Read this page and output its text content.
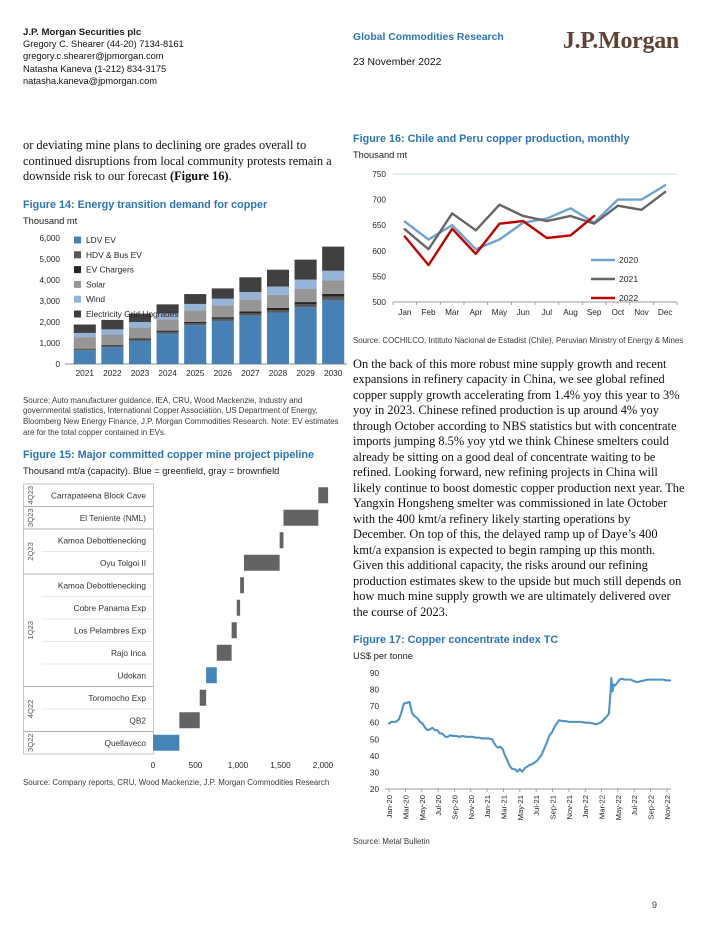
J.P. Morgan Securities plc
Gregory C. Shearer (44-20) 7134-8161
gregory.c.shearer@jpmorgan.com
Natasha Kaneva (1-212) 834-3175
natasha.kaneva@jpmorgan.com
Global Commodities Research
23 November 2022
J.P.Morgan

or deviating mine plans to declining ore grades overall to continued disruptions from local community protests remain a downside risk to our forecast (Figure 16).

Figure 14: Energy transition demand for copper
Thousand mt
0
1,000
2,000
3,000
4,000
5,000
6,000
2021 2022 2023 2024 2025 2026 2027 2028 2029 2030
LDV EV
HDV & Bus EV
EV Chargers
Solar
Wind
Electricity Grid Upgrades
Source: Auto manufacturer guidance, IEA, CRU, Wood Mackenzie, Industry and governmental statistics, International Copper Association, US Department of Energy, Bloomberg New Energy Finance, J.P. Morgan Commodities Research. Note: EV estimates are for the total copper contained in EVs.
Figure 15: Major committed copper mine project pipeline
Thousand mt/a (capacity). Blue = greenfield, gray = brownfield
4Q23 Carrapateena Block Cave
3Q23	El Teniente (NML)
2Q23
Kamoa Debottlenecking
Oyu Tolgoi II
1Q23
Kamoa Debottlenecking
Cobre Panama Exp
Los Pelambres Exp
Rajo Inca
Udokan
4Q22
Toromocho Exp
QB2
3Q22	Quellaveco
0	500	1,000	1,500	2,000
Source: Company reports, CRU, Wood Mackenzie, J.P. Morgan Commodities Research
Figure 16: Chile and Peru copper production, monthly
Thousand mt
500
550
600
650
700
750
Jan Feb Mar Apr May Jun Jul Aug Sep Oct Nov Dec
2020
2021
2022
Source: COCHILCO, Intituto Nacional de Estadist (Chile), Peruvian Ministry of Energy & Mines

On the back of this more robust mine supply growth and recent expansions in refinery capacity in China, we see global refined copper supply growth accelerating from 1.4% yoy this year to 3% yoy in 2023. Chinese refined production is up around 4% yoy through October according to NBS statistics but with concentrate imports jumping 8.5% yoy ytd we think Chinese smelters could already be sitting on a good deal of concentrate waiting to be refined. Looking forward, new refining projects in China will likely continue to boost domestic copper production next year. The Yangxin Hongsheng smelter was commissioned in late October with the 400 kmt/a refinery likely starting operations by December. On top of this, the delayed ramp up of Daye’s 400 kmt/a expansion is expected to begin ramping up this month. Given this additional capacity, the risks around our refining production estimates skew to the upside but much still depends on how much mine supply growth we are ultimately delivered over the course of 2023.

Figure 17: Copper concentrate index TC
US$ per tonne
20
30
40
50
60
70
80
90
Jan-20 Mar-20 May-20 Jul-20 Sep-20 Nov-20 Jan-21 Mar-21 May-21 Jul-21 Sep-21 Nov-21 Jan-22 Mar-22 May-22 Jul-22 Sep-22 Nov-22
Source: Metal Bulletin
9
